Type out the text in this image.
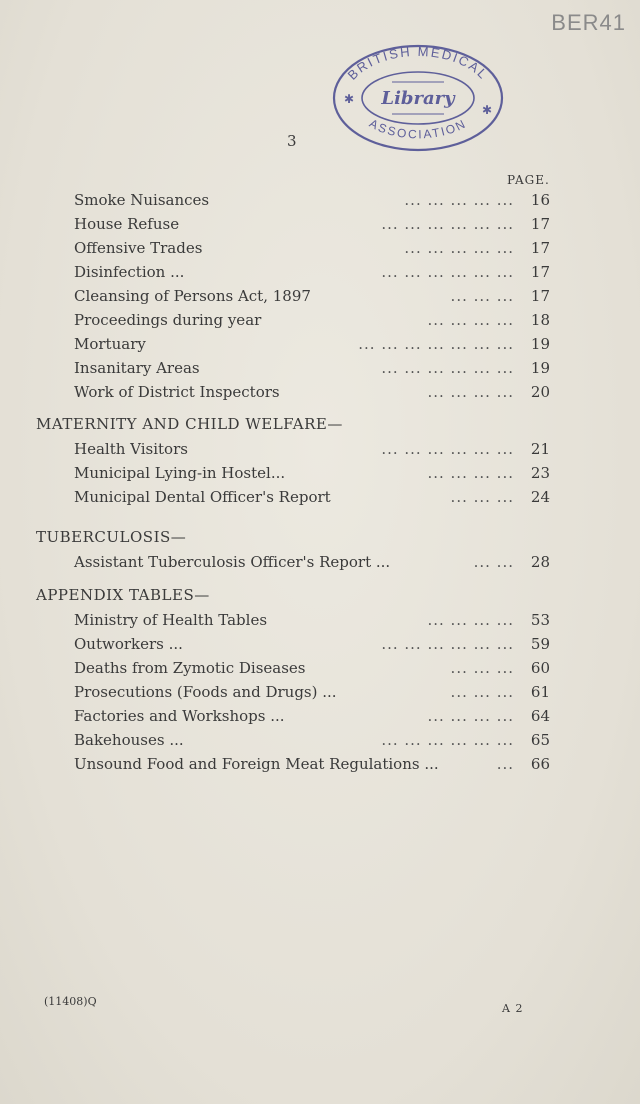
BER41
BRITISH MEDICAL
ASSOCIATION
Library
✱
✱
3
PAGE.
Smoke Nuisances	16
... ... ... ... ...
House Refuse	17
... ... ... ... ... ...
Offensive Trades	17
... ... ... ... ...
Disinfection ...	17
... ... ... ... ... ...
Cleansing of Persons Act, 1897	17
... ... ...
Proceedings during year	18
... ... ... ...
Mortuary	19
... ... ... ... ... ... ...
Insanitary Areas	19
... ... ... ... ... ...
Work of District Inspectors	20
... ... ... ...
MATERNITY AND CHILD WELFARE—
Health Visitors	21
... ... ... ... ... ...
Municipal Lying-in Hostel...	23
... ... ... ...
Municipal Dental Officer's Report	24
... ... ...
TUBERCULOSIS—
Assistant Tuberculosis Officer's Report ...	28
... ...
APPENDIX TABLES—
Ministry of Health Tables	53
... ... ... ...
Outworkers ...	59
... ... ... ... ... ...
Deaths from Zymotic Diseases	60
... ... ...
Prosecutions (Foods and Drugs) ...	61
... ... ...
Factories and Workshops ...	64
... ... ... ...
Bakehouses ...	65
... ... ... ... ... ...
Unsound Food and Foreign Meat Regulations ...	66
...
(11408)Q
A 2
